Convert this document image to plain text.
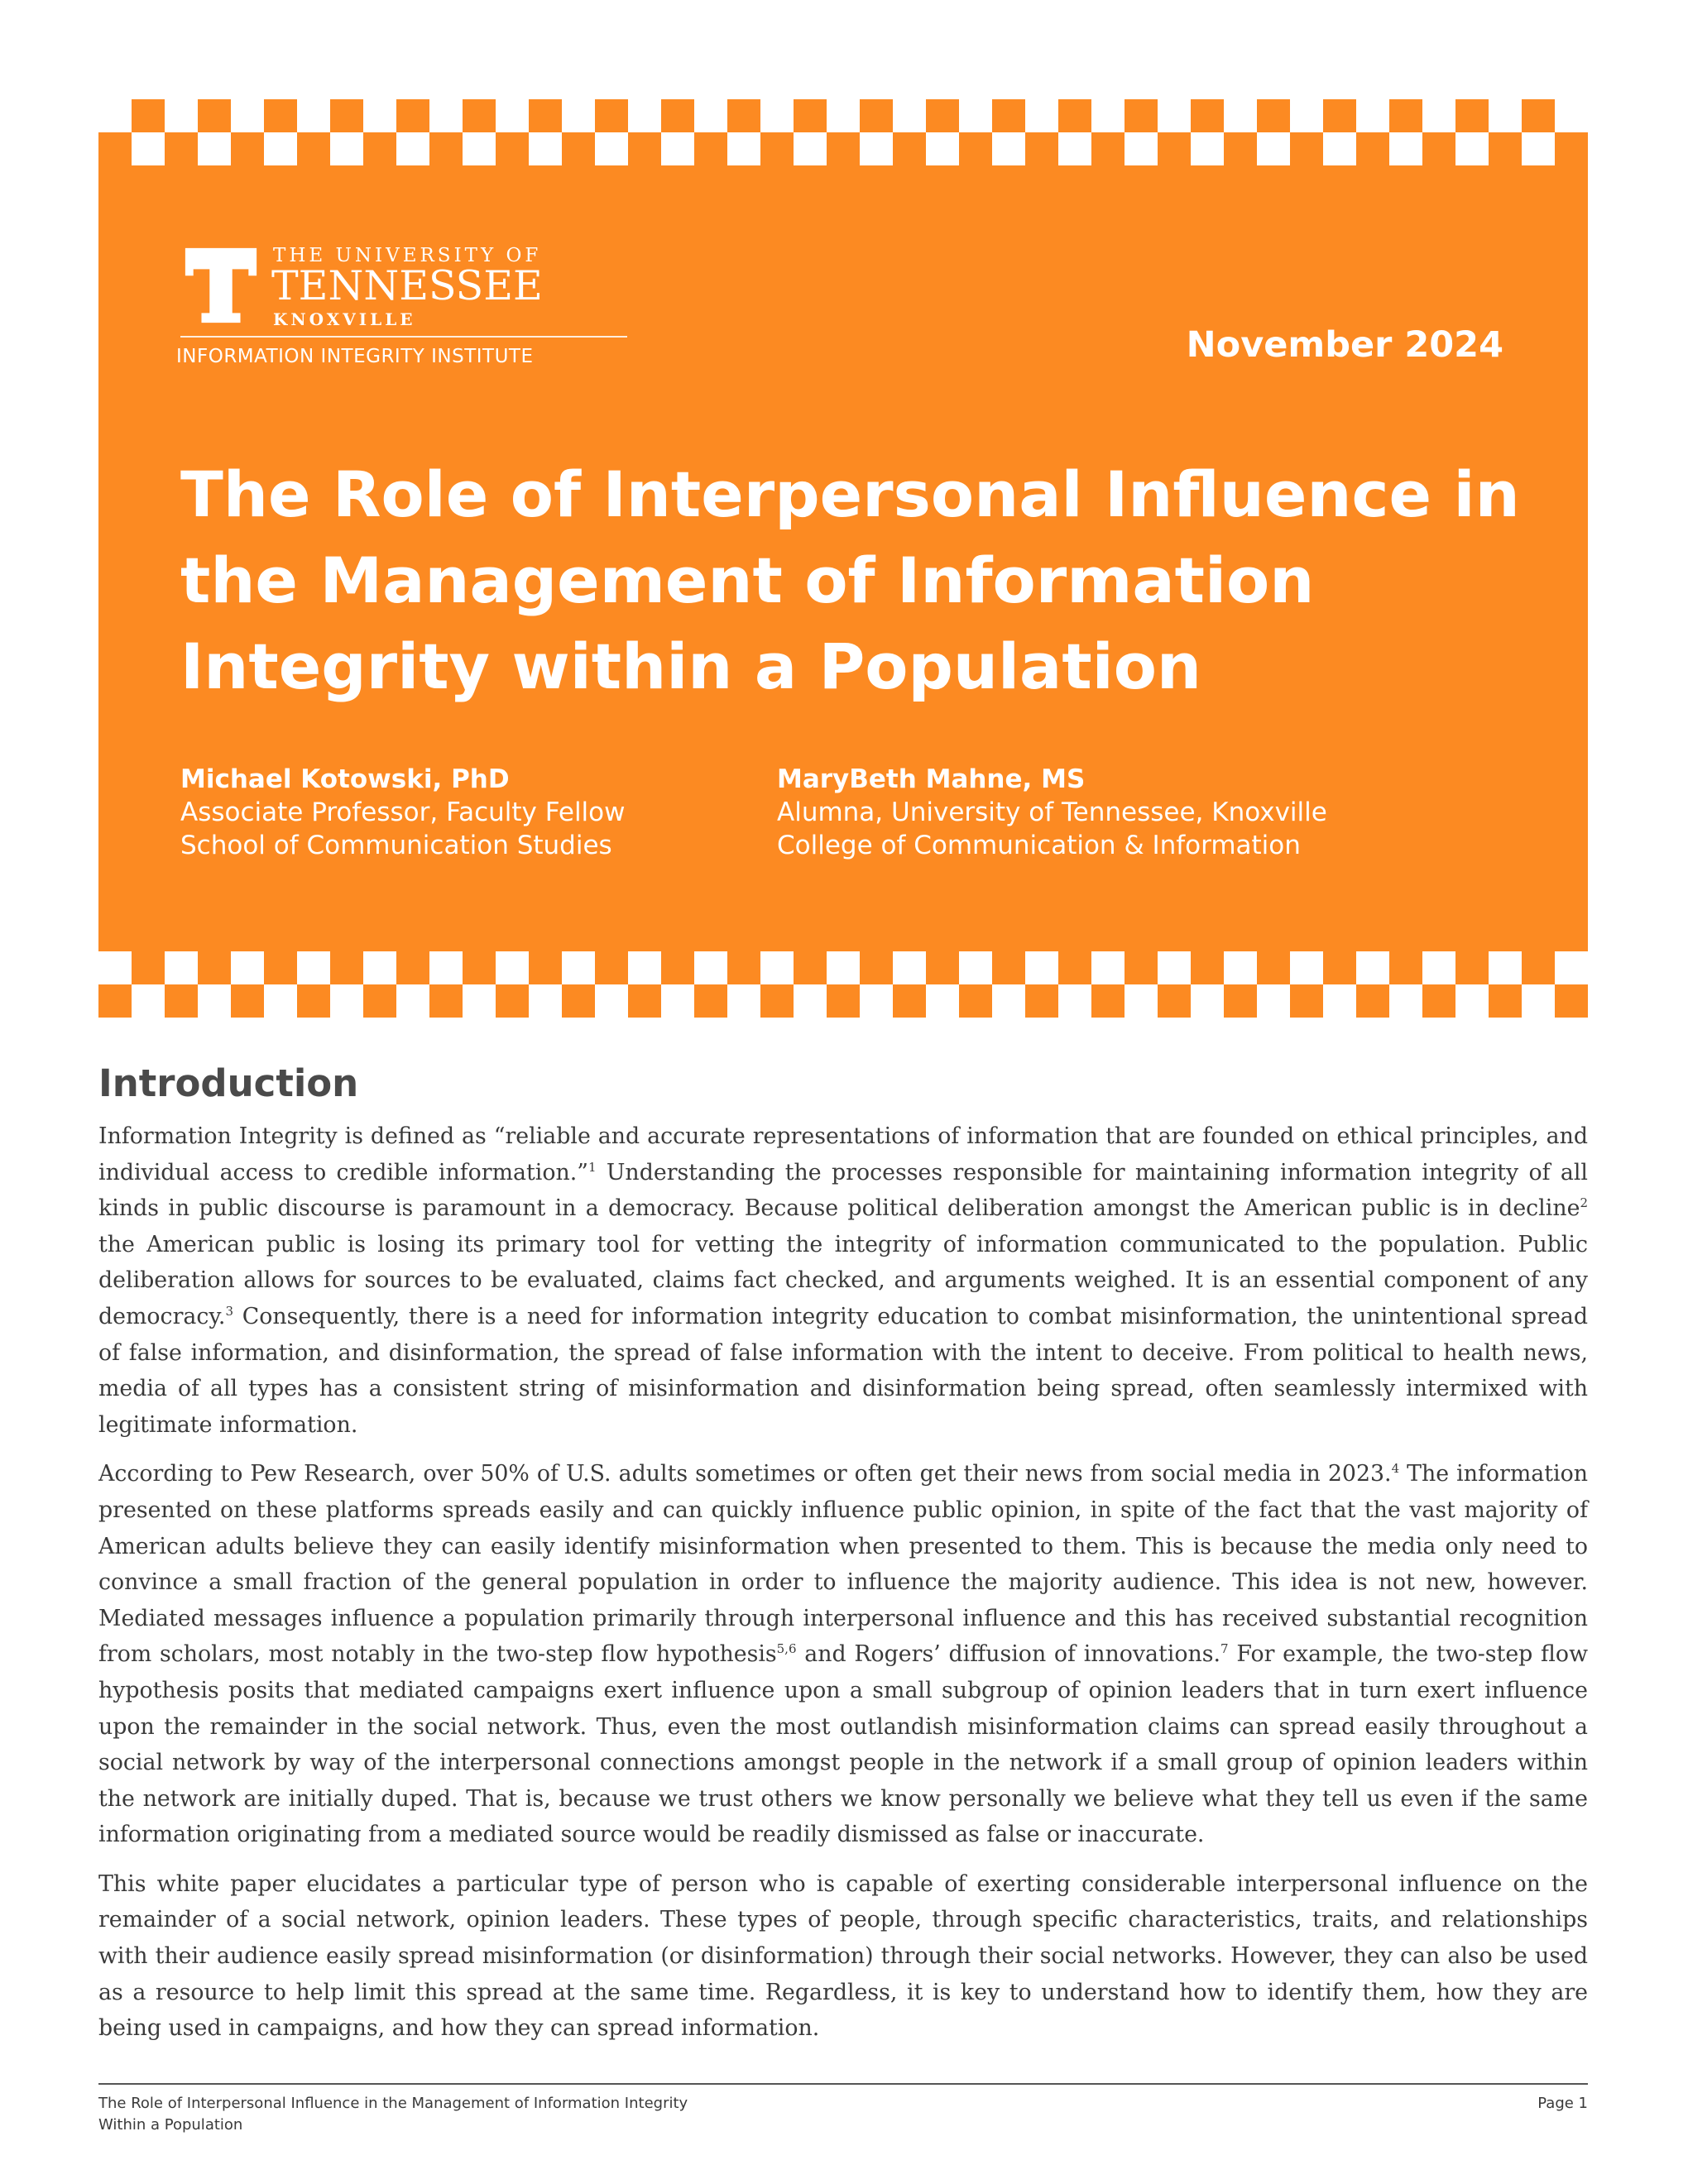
THE UNIVERSITY OF
TENNESSEE
KNOXVILLE
INFORMATION INTEGRITY INSTITUTE	November 2024
The Role of Interpersonal Influence in the Management of Information Integrity within a Population
Michael Kotowski, PhD
Associate Professor, Faculty Fellow
School of Communication Studies
MaryBeth Mahne, MS
Alumna, University of Tennessee, Knoxville
College of Communication & Information
Introduction

Information Integrity is defined as “reliable and accurate representations of information that are founded on ethical principles, and individual access to credible information.”$^1$ Understanding the processes responsible for maintaining information integrity of all kinds in public discourse is paramount in a democracy. Because political deliberation amongst the American public is in decline$^2$ the American public is losing its primary tool for vetting the integrity of information communicated to the population. Public deliberation allows for sources to be evaluated, claims fact checked, and arguments weighed. It is an essential component of any democracy.$^3$ Consequently, there is a need for information integrity education to combat misinformation, the unintentional spread of false information, and disinformation, the spread of false information with the intent to deceive. From political to health news, media of all types has a consistent string of misinformation and disinformation being spread, often seamlessly intermixed with legitimate information.

According to Pew Research, over 50% of U.S. adults sometimes or often get their news from social media in 2023.$^4$ The information presented on these platforms spreads easily and can quickly influence public opinion, in spite of the fact that the vast majority of American adults believe they can easily identify misinformation when presented to them. This is because the media only need to convince a small fraction of the general population in order to influence the majority audience. This idea is not new, however. Mediated messages influence a population primarily through interpersonal influence and this has received substantial recognition from scholars, most notably in the two-step flow hypothesis$^{5,6}$ and Rogers’ diffusion of innovations.$^7$ For example, the two-step flow hypothesis posits that mediated campaigns exert influence upon a small subgroup of opinion leaders that in turn exert influence upon the remainder in the social network. Thus, even the most outlandish misinformation claims can spread easily throughout a social network by way of the interpersonal connections amongst people in the network if a small group of opinion leaders within the network are initially duped. That is, because we trust others we know personally we believe what they tell us even if the same information originating from a mediated source would be readily dismissed as false or inaccurate.

This white paper elucidates a particular type of person who is capable of exerting considerable interpersonal influence on the remainder of a social network, opinion leaders. These types of people, through specific characteristics, traits, and relationships with their audience easily spread misinformation (or disinformation) through their social networks. However, they can also be used as a resource to help limit this spread at the same time. Regardless, it is key to understand how to identify them, how they are being used in campaigns, and how they can spread information.

The Role of Interpersonal Influence in the Management of Information Integrity
Within a Population
Page 1
